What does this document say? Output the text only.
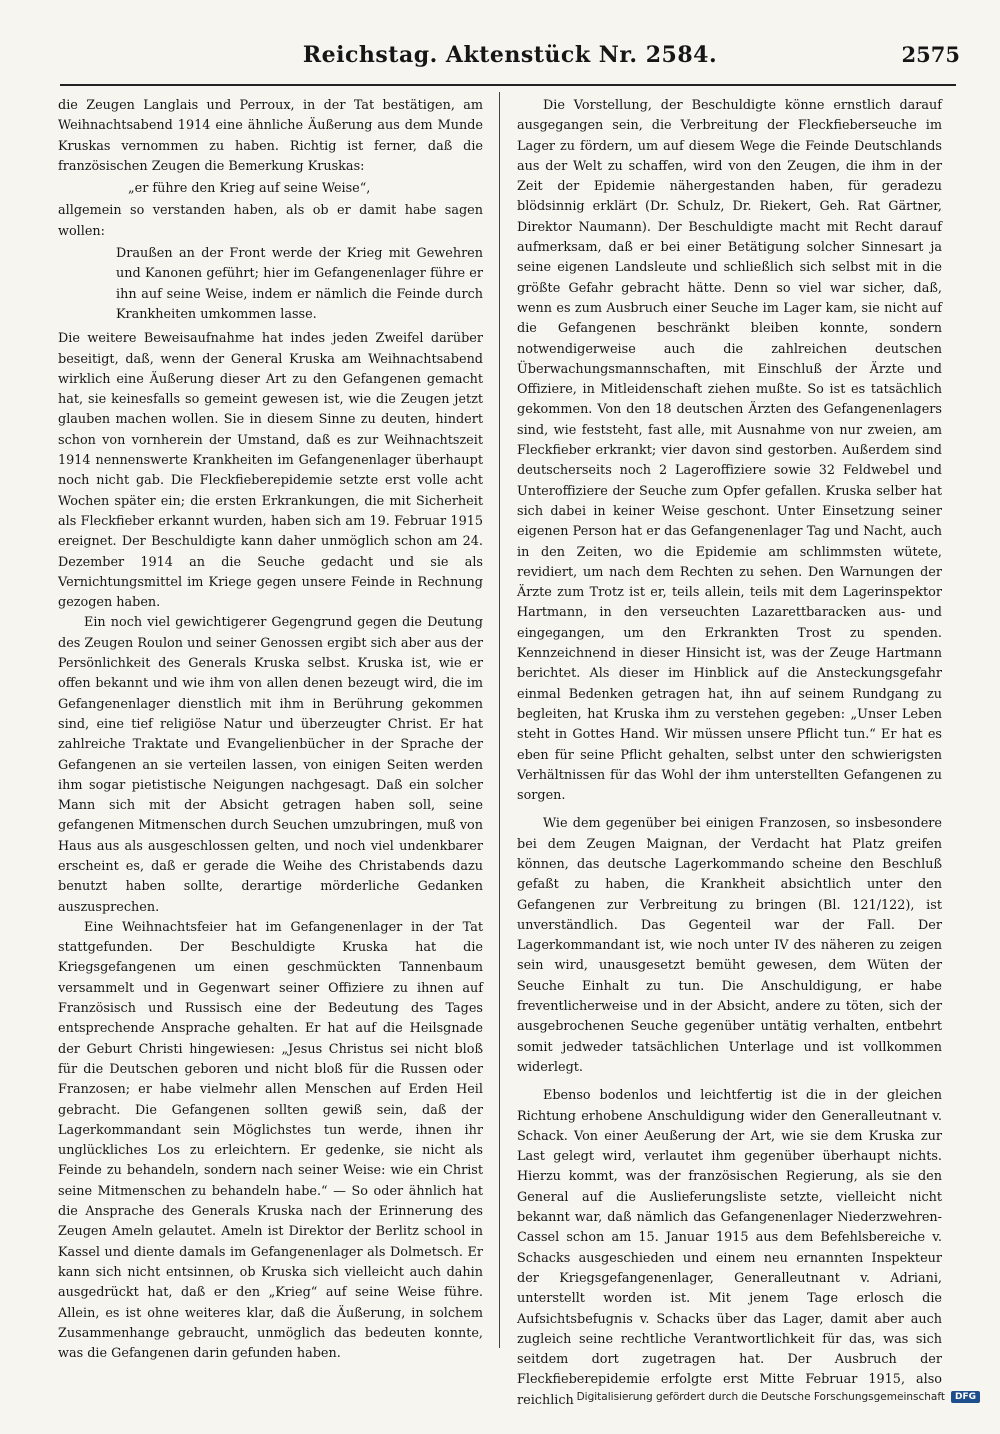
Reichstag. Aktenstück Nr. 2584.	2575

die Zeugen Langlais und Perroux, in der Tat bestätigen, am Weihnachtsabend 1914 eine ähnliche Äußerung aus dem Munde Kruskas vernommen zu haben. Richtig ist ferner, daß die französischen Zeugen die Bemerkung Kruskas:

„er führe den Krieg auf seine Weise“,

allgemein so verstanden haben, als ob er damit habe sagen wollen:

Draußen an der Front werde der Krieg mit Gewehren und Kanonen geführt; hier im Gefangenenlager führe er ihn auf seine Weise, indem er nämlich die Feinde durch Krankheiten umkommen lasse.

Die weitere Beweisaufnahme hat indes jeden Zweifel darüber beseitigt, daß, wenn der General Kruska am Weihnachtsabend wirklich eine Äußerung dieser Art zu den Gefangenen gemacht hat, sie keinesfalls so gemeint gewesen ist, wie die Zeugen jetzt glauben machen wollen. Sie in diesem Sinne zu deuten, hindert schon von vornherein der Umstand, daß es zur Weihnachtszeit 1914 nennenswerte Krankheiten im Gefangenenlager überhaupt noch nicht gab. Die Fleckfieberepidemie setzte erst volle acht Wochen später ein; die ersten Erkrankungen, die mit Sicherheit als Fleckfieber erkannt wurden, haben sich am 19. Februar 1915 ereignet. Der Beschuldigte kann daher unmöglich schon am 24. Dezember 1914 an die Seuche gedacht und sie als Vernichtungsmittel im Kriege gegen unsere Feinde in Rechnung gezogen haben.

Ein noch viel gewichtigerer Gegengrund gegen die Deutung des Zeugen Roulon und seiner Genossen ergibt sich aber aus der Persönlichkeit des Generals Kruska selbst. Kruska ist, wie er offen bekannt und wie ihm von allen denen bezeugt wird, die im Gefangenenlager dienstlich mit ihm in Berührung gekommen sind, eine tief religiöse Natur und überzeugter Christ. Er hat zahlreiche Traktate und Evangelienbücher in der Sprache der Gefangenen an sie verteilen lassen, von einigen Seiten werden ihm sogar pietistische Neigungen nachgesagt. Daß ein solcher Mann sich mit der Absicht getragen haben soll, seine gefangenen Mitmenschen durch Seuchen umzubringen, muß von Haus aus als ausgeschlossen gelten, und noch viel undenkbarer erscheint es, daß er gerade die Weihe des Christabends dazu benutzt haben sollte, derartige mörderliche Gedanken auszusprechen.

Eine Weihnachtsfeier hat im Gefangenenlager in der Tat stattgefunden. Der Beschuldigte Kruska hat die Kriegsgefangenen um einen geschmückten Tannenbaum versammelt und in Gegenwart seiner Offiziere zu ihnen auf Französisch und Russisch eine der Bedeutung des Tages entsprechende Ansprache gehalten. Er hat auf die Heilsgnade der Geburt Christi hingewiesen: „Jesus Christus sei nicht bloß für die Deutschen geboren und nicht bloß für die Russen oder Franzosen; er habe vielmehr allen Menschen auf Erden Heil gebracht. Die Gefangenen sollten gewiß sein, daß der Lagerkommandant sein Möglichstes tun werde, ihnen ihr unglückliches Los zu erleichtern. Er gedenke, sie nicht als Feinde zu behandeln, sondern nach seiner Weise: wie ein Christ seine Mitmenschen zu behandeln habe.“ — So oder ähnlich hat die Ansprache des Generals Kruska nach der Erinnerung des Zeugen Ameln gelautet. Ameln ist Direktor der Berlitz school in Kassel und diente damals im Gefangenenlager als Dolmetsch. Er kann sich nicht entsinnen, ob Kruska sich vielleicht auch dahin ausgedrückt hat, daß er den „Krieg“ auf seine Weise führe. Allein, es ist ohne weiteres klar, daß die Äußerung, in solchem Zusammenhange gebraucht, unmöglich das bedeuten konnte, was die Gefangenen darin gefunden haben.

Die Vorstellung, der Beschuldigte könne ernstlich darauf ausgegangen sein, die Verbreitung der Fleckfieberseuche im Lager zu fördern, um auf diesem Wege die Feinde Deutschlands aus der Welt zu schaffen, wird von den Zeugen, die ihm in der Zeit der Epidemie nähergestanden haben, für geradezu blödsinnig erklärt (Dr. Schulz, Dr. Riekert, Geh. Rat Gärtner, Direktor Naumann). Der Beschuldigte macht mit Recht darauf aufmerksam, daß er bei einer Betätigung solcher Sinnesart ja seine eigenen Landsleute und schließlich sich selbst mit in die größte Gefahr gebracht hätte. Denn so viel war sicher, daß, wenn es zum Ausbruch einer Seuche im Lager kam, sie nicht auf die Gefangenen beschränkt bleiben konnte, sondern notwendigerweise auch die zahlreichen deutschen Überwachungsmannschaften, mit Einschluß der Ärzte und Offiziere, in Mitleidenschaft ziehen mußte. So ist es tatsächlich gekommen. Von den 18 deutschen Ärzten des Gefangenenlagers sind, wie feststeht, fast alle, mit Ausnahme von nur zweien, am Fleckfieber erkrankt; vier davon sind gestorben. Außerdem sind deutscherseits noch 2 Lageroffiziere sowie 32 Feldwebel und Unteroffiziere der Seuche zum Opfer gefallen. Kruska selber hat sich dabei in keiner Weise geschont. Unter Einsetzung seiner eigenen Person hat er das Gefangenenlager Tag und Nacht, auch in den Zeiten, wo die Epidemie am schlimmsten wütete, revidiert, um nach dem Rechten zu sehen. Den Warnungen der Ärzte zum Trotz ist er, teils allein, teils mit dem Lagerinspektor Hartmann, in den verseuchten Lazarettbaracken aus- und eingegangen, um den Erkrankten Trost zu spenden. Kennzeichnend in dieser Hinsicht ist, was der Zeuge Hartmann berichtet. Als dieser im Hinblick auf die Ansteckungsgefahr einmal Bedenken getragen hat, ihn auf seinem Rundgang zu begleiten, hat Kruska ihm zu verstehen gegeben: „Unser Leben steht in Gottes Hand. Wir müssen unsere Pflicht tun.“ Er hat es eben für seine Pflicht gehalten, selbst unter den schwierigsten Verhältnissen für das Wohl der ihm unterstellten Gefangenen zu sorgen.

Wie dem gegenüber bei einigen Franzosen, so insbesondere bei dem Zeugen Maignan, der Verdacht hat Platz greifen können, das deutsche Lagerkommando scheine den Beschluß gefaßt zu haben, die Krankheit absichtlich unter den Gefangenen zur Verbreitung zu bringen (Bl. 121/122), ist unverständlich. Das Gegenteil war der Fall. Der Lagerkommandant ist, wie noch unter IV des näheren zu zeigen sein wird, unausgesetzt bemüht gewesen, dem Wüten der Seuche Einhalt zu tun. Die Anschuldigung, er habe freventlicherweise und in der Absicht, andere zu töten, sich der ausgebrochenen Seuche gegenüber untätig verhalten, entbehrt somit jedweder tatsächlichen Unterlage und ist vollkommen widerlegt.

Ebenso bodenlos und leichtfertig ist die in der gleichen Richtung erhobene Anschuldigung wider den Generalleutnant v. Schack. Von einer Aeußerung der Art, wie sie dem Kruska zur Last gelegt wird, verlautet ihm gegenüber überhaupt nichts. Hierzu kommt, was der französischen Regierung, als sie den General auf die Auslieferungsliste setzte, vielleicht nicht bekannt war, daß nämlich das Gefangenenlager Niederzwehren-Cassel schon am 15. Januar 1915 aus dem Befehlsbereiche v. Schacks ausgeschieden und einem neu ernannten Inspekteur der Kriegsgefangenenlager, Generalleutnant v. Adriani, unterstellt worden ist. Mit jenem Tage erlosch die Aufsichtsbefugnis v. Schacks über das Lager, damit aber auch zugleich seine rechtliche Verantwortlichkeit für das, was sich seitdem dort zugetragen hat. Der Ausbruch der Fleckfieberepidemie erfolgte erst Mitte Februar 1915, also reichlich Digitalisierung gefördert durch die Deutsche Forschungsgemeinschaft	DFG
